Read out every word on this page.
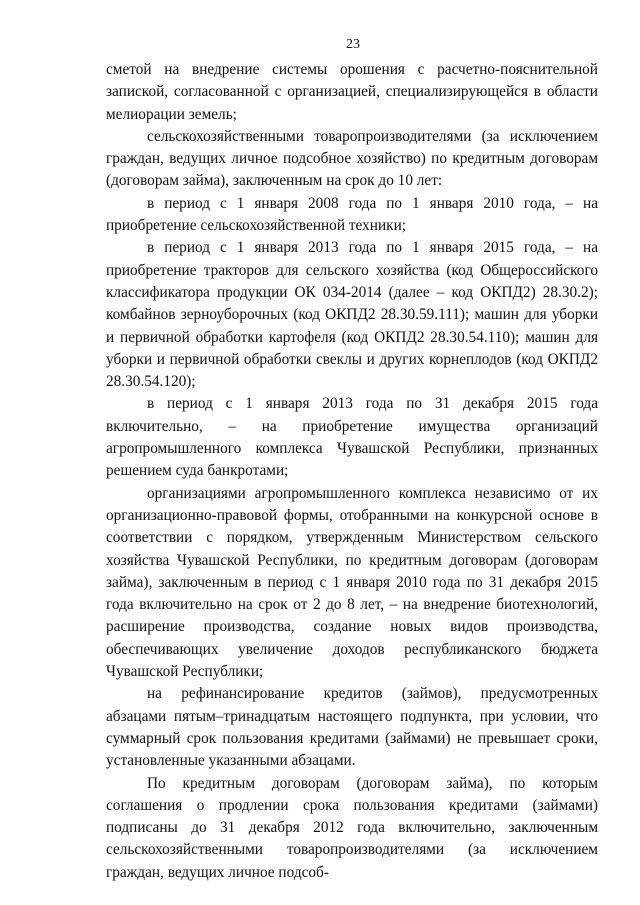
23

сметой на внедрение системы орошения с расчетно-пояснительной запиской, согласованной с организацией, специализирующейся в области мелиорации земель;

сельскохозяйственными товаропроизводителями (за исключением граждан, ведущих личное подсобное хозяйство) по кредитным договорам (договорам займа), заключенным на срок до 10 лет:

в период с 1 января 2008 года по 1 января 2010 года, – на приобретение сельскохозяйственной техники;

в период с 1 января 2013 года по 1 января 2015 года, – на приобретение тракторов для сельского хозяйства (код Общероссийского классификатора продукции ОК 034-2014 (далее – код ОКПД2) 28.30.2); комбайнов зерноуборочных (код ОКПД2 28.30.59.111); машин для уборки и первичной обработки картофеля (код ОКПД2 28.30.54.110); машин для уборки и первичной обработки свеклы и других корнеплодов (код ОКПД2 28.30.54.120);

в период с 1 января 2013 года по 31 декабря 2015 года включительно, – на приобретение имущества организаций агропромышленного комплекса Чувашской Республики, признанных решением суда банкротами;

организациями агропромышленного комплекса независимо от их организационно-правовой формы, отобранными на конкурсной основе в соответствии с порядком, утвержденным Министерством сельского хозяйства Чувашской Республики, по кредитным договорам (договорам займа), заключенным в период с 1 января 2010 года по 31 декабря 2015 года включительно на срок от 2 до 8 лет, – на внедрение биотехнологий, расширение производства, создание новых видов производства, обеспечивающих увеличение доходов республиканского бюджета Чувашской Республики;

на рефинансирование кредитов (займов), предусмотренных абзацами пятым–тринадцатым настоящего подпункта, при условии, что суммарный срок пользования кредитами (займами) не превышает сроки, установленные указанными абзацами.

По кредитным договорам (договорам займа), по которым соглашения о продлении срока пользования кредитами (займами) подписаны до 31 декабря 2012 года включительно, заключенным сельскохозяйственными товаропроизводителями (за исключением граждан, ведущих личное подсоб-
